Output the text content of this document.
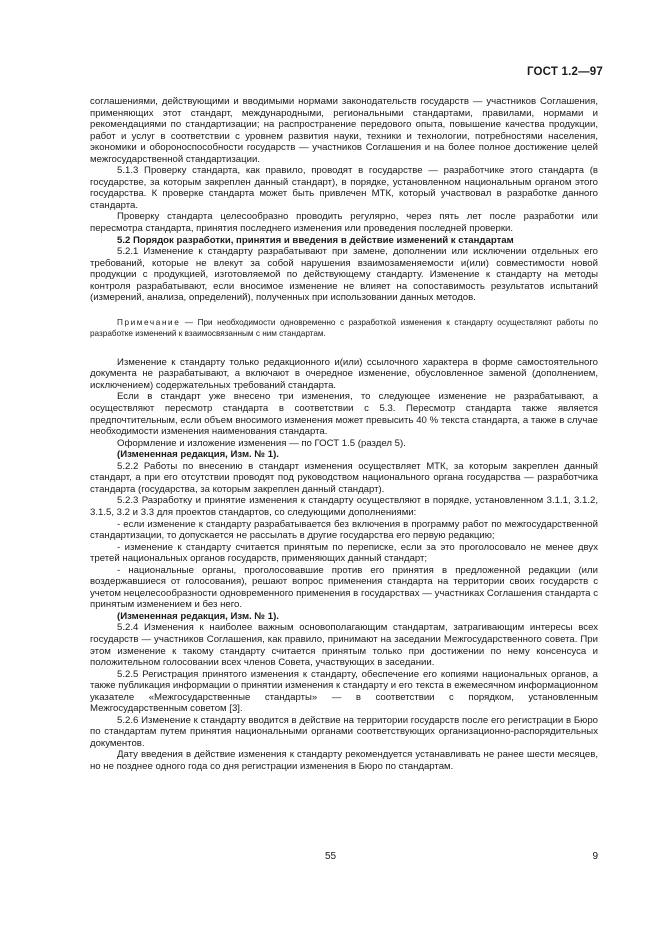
ГОСТ 1.2—97

соглашениями, действующими и вводимыми нормами законодательств государств — участников Соглашения, применяющих этот стандарт, международными, региональными стандартами, правилами, нормами и рекомендациями по стандартизации; на распространение передового опыта, повышение качества продукции, работ и услуг в соответствии с уровнем развития науки, техники и технологии, потребностями населения, экономики и обороноспособности государств — участников Соглашения и на более полное достижение целей межгосударственной стандартизации.

5.1.3 Проверку стандарта, как правило, проводят в государстве — разработчике этого стандарта (в государстве, за которым закреплен данный стандарт), в порядке, установленном национальным органом этого государства. К проверке стандарта может быть привлечен МТК, который участвовал в разработке данного стандарта.

Проверку стандарта целесообразно проводить регулярно, через пять лет после разработки или пересмотра стандарта, принятия последнего изменения или проведения последней проверки.

5.2 Порядок разработки, принятия и введения в действие изменений к стандартам

5.2.1 Изменение к стандарту разрабатывают при замене, дополнении или исключении отдельных его требований, которые не влекут за собой нарушения взаимозаменяемости и(или) совместимости новой продукции с продукцией, изготовляемой по действующему стандарту. Изменение к стандарту на методы контроля разрабатывают, если вносимое изменение не влияет на сопоставимость результатов испытаний (измерений, анализа, определений), полученных при использовании данных методов.

Примечание — При необходимости одновременно с разработкой изменения к стандарту осуществляют работы по разработке изменений к взаимосвязанным с ним стандартам.

Изменение к стандарту только редакционного и(или) ссылочного характера в форме самостоятельного документа не разрабатывают, а включают в очередное изменение, обусловленное заменой (дополнением, исключением) содержательных требований стандарта.

Если в стандарт уже внесено три изменения, то следующее изменение не разрабатывают, а осуществляют пересмотр стандарта в соответствии с 5.3. Пересмотр стандарта также является предпочтительным, если объем вносимого изменения может превысить 40 % текста стандарта, а также в случае необходимости изменения наименования стандарта.

Оформление и изложение изменения — по ГОСТ 1.5 (раздел 5).

(Измененная редакция, Изм. № 1).

5.2.2 Работы по внесению в стандарт изменения осуществляет МТК, за которым закреплен данный стандарт, а при его отсутствии проводят под руководством национального органа государства — разработчика стандарта (государства, за которым закреплен данный стандарт).

5.2.3 Разработку и принятие изменения к стандарту осуществляют в порядке, установленном 3.1.1, 3.1.2, 3.1.5, 3.2 и 3.3 для проектов стандартов, со следующими дополнениями:

- если изменение к стандарту разрабатывается без включения в программу работ по межгосударственной стандартизации, то допускается не рассылать в другие государства его первую редакцию;

- изменение к стандарту считается принятым по переписке, если за это проголосовало не менее двух третей национальных органов государств, применяющих данный стандарт;

- национальные органы, проголосовавшие против его принятия в предложенной редакции (или воздержавшиеся от голосования), решают вопрос применения стандарта на территории своих государств с учетом нецелесообразности одновременного применения в государствах — участниках Соглашения стандарта с принятым изменением и без него.

(Измененная редакция, Изм. № 1).

5.2.4 Изменения к наиболее важным основополагающим стандартам, затрагивающим интересы всех государств — участников Соглашения, как правило, принимают на заседании Межгосударственного совета. При этом изменение к такому стандарту считается принятым только при достижении по нему консенсуса и положительном голосовании всех членов Совета, участвующих в заседании.

5.2.5 Регистрация принятого изменения к стандарту, обеспечение его копиями национальных органов, а также публикация информации о принятии изменения к стандарту и его текста в ежемесячном информационном указателе «Межгосударственные стандарты» — в соответствии с порядком, установленным Межгосударственным советом [3].

5.2.6 Изменение к стандарту вводится в действие на территории государств после его регистрации в Бюро по стандартам путем принятия национальными органами соответствующих организационно-распорядительных документов.

Дату введения в действие изменения к стандарту рекомендуется устанавливать не ранее шести месяцев, но не позднее одного года со дня регистрации изменения в Бюро по стандартам.

55	9
